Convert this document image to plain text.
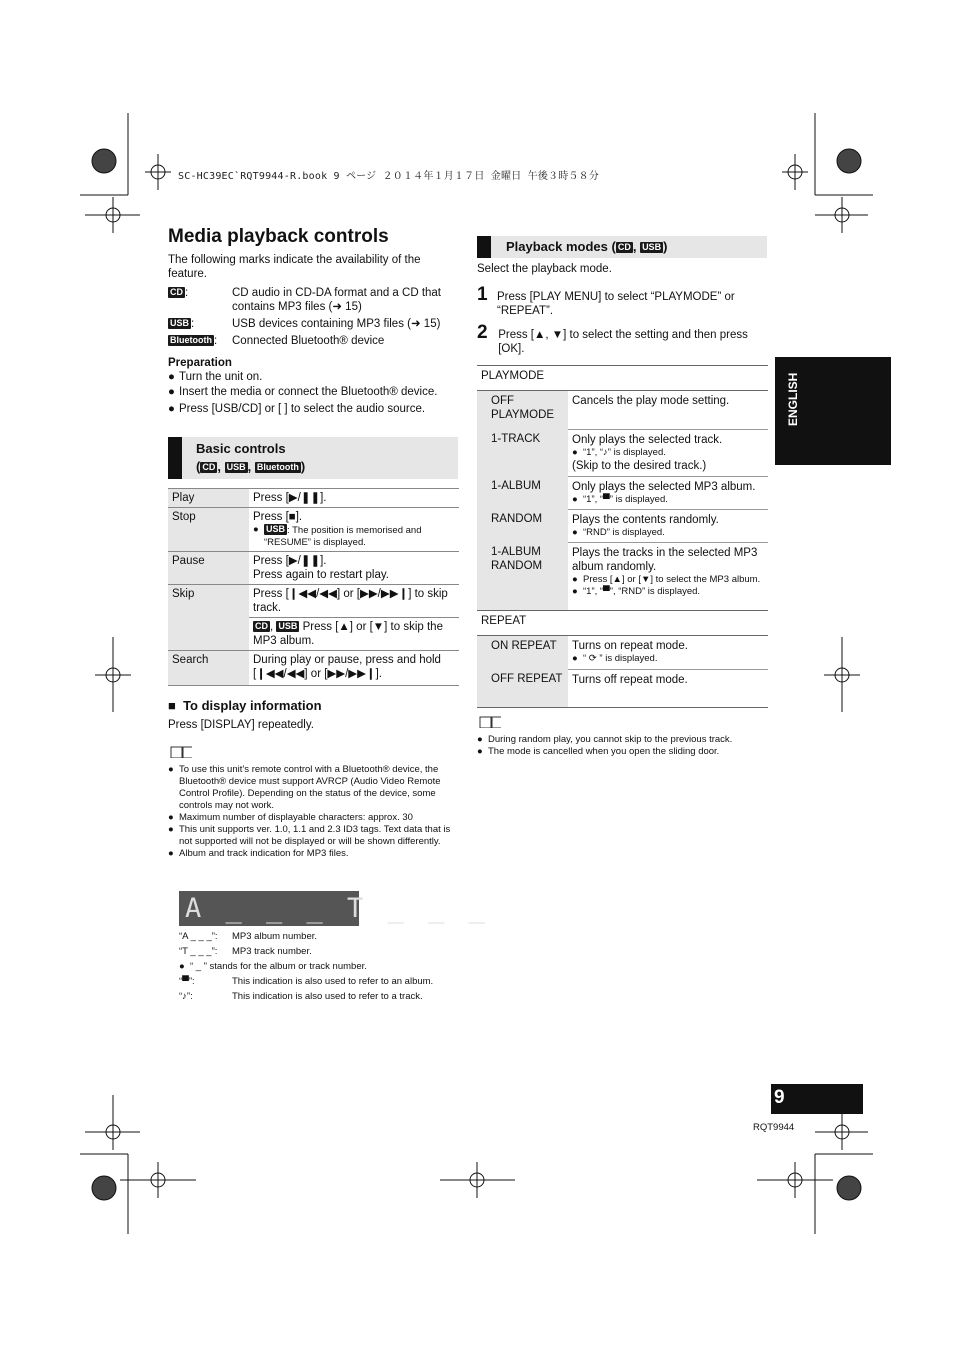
SC-HC39EC`RQT9944-R.book 9 ページ ２０１４年１月１７日 金曜日 午後３時５８分
Media playback controls
The following marks indicate the availability of the feature.
CD :	CD audio in CD-DA format and a CD that contains MP3 files (➜ 15)
USB :	USB devices containing MP3 files (➜ 15)
Bluetooth :	Connected Bluetooth® device
Preparation
● Turn the unit on.
● Insert the media or connect the Bluetooth® device.
● Press [USB/CD] or [ ] to select the audio source.
Basic controls
( CD , USB , Bluetooth )
Play	Press [▶/❚❚].
Stop	Press [■].
● USB : The position is memorised and “RESUME” is displayed.

Pause	Press [▶/❚❚].
Press again to restart play.

Skip	Press [❙◀◀/◀◀] or [▶▶/▶▶❙] to skip track.
	CD , USB Press [▲] or [▼] to skip the MP3 album.
Search	During play or pause, press and hold [❙◀◀/◀◀] or [▶▶/▶▶❙].
■  To display information
Press [DISPLAY] repeatedly.
● To use this unit’s remote control with a Bluetooth® device, the Bluetooth® device must support AVRCP (Audio Video Remote Control Profile). Depending on the status of the device, some controls may not work.
● Maximum number of displayable characters: approx. 30
● This unit supports ver. 1.0, 1.1 and 2.3 ID3 tags. Text data that is not supported will not be displayed or will be shown differently.
● Album and track indication for MP3 files.
A _ _ _ T _ _ _
“A _ _ _”:	MP3 album number.
“T _ _ _”:	MP3 track number.
● “ _ ” stands for the album or track number.
“▀”:	This indication is also used to refer to an album.
“♪”:	This indication is also used to refer to a track.
Playback modes ( CD , USB )
Select the playback mode.
1 Press [PLAY MENU] to select “PLAYMODE” or “REPEAT”.
2 Press [▲, ▼] to select the setting and then press [OK].
PLAYMODE	
OFF PLAYMODE	Cancels the play mode setting.
1-TRACK	Only plays the selected track.
● “1”, “♪” is displayed.
(Skip to the desired track.)

1-ALBUM	Only plays the selected MP3 album.
● “1”, “▀” is displayed.

RANDOM	Plays the contents randomly.
● “RND” is displayed.

1-ALBUM RANDOM	Plays the tracks in the selected MP3 album randomly.
● Press [▲] or [▼] to select the MP3 album.
● “1”, “▀”, “RND” is displayed.

REPEAT	
ON REPEAT	Turns on repeat mode.
● “ ⟳ ” is displayed.

OFF REPEAT	Turns off repeat mode.
● During random play, you cannot skip to the previous track.
● The mode is cancelled when you open the sliding door.
ENGLISH
9
RQT9944
